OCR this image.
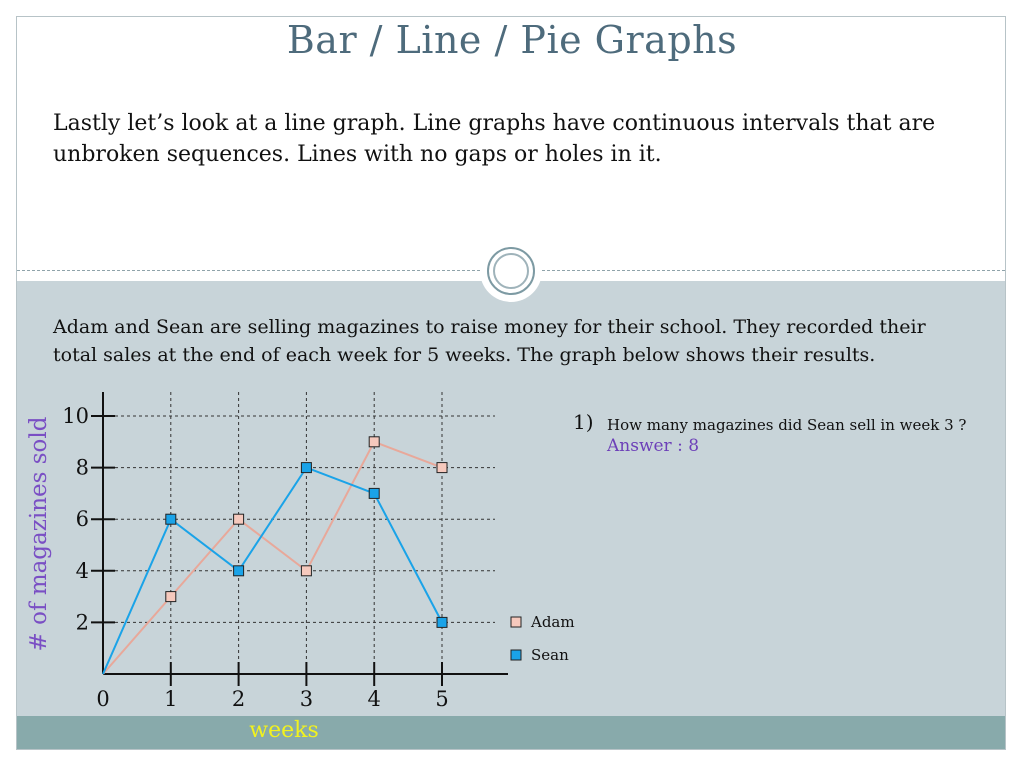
Bar / Line / Pie Graphs
Lastly let’s look at a line graph. Line graphs have continuous intervals that are unbroken sequences. Lines with no gaps or holes in it.
Adam and Sean are selling magazines to raise money for their school. They recorded their total sales at the end of each week for 5 weeks. The graph below shows their results.
2
4
6
8
10
0	1	2	3	4	5
Adam
Sean
# of magazines sold
weeks
1) How many magazines did Sean sell in week 3 ?
Answer : 8
